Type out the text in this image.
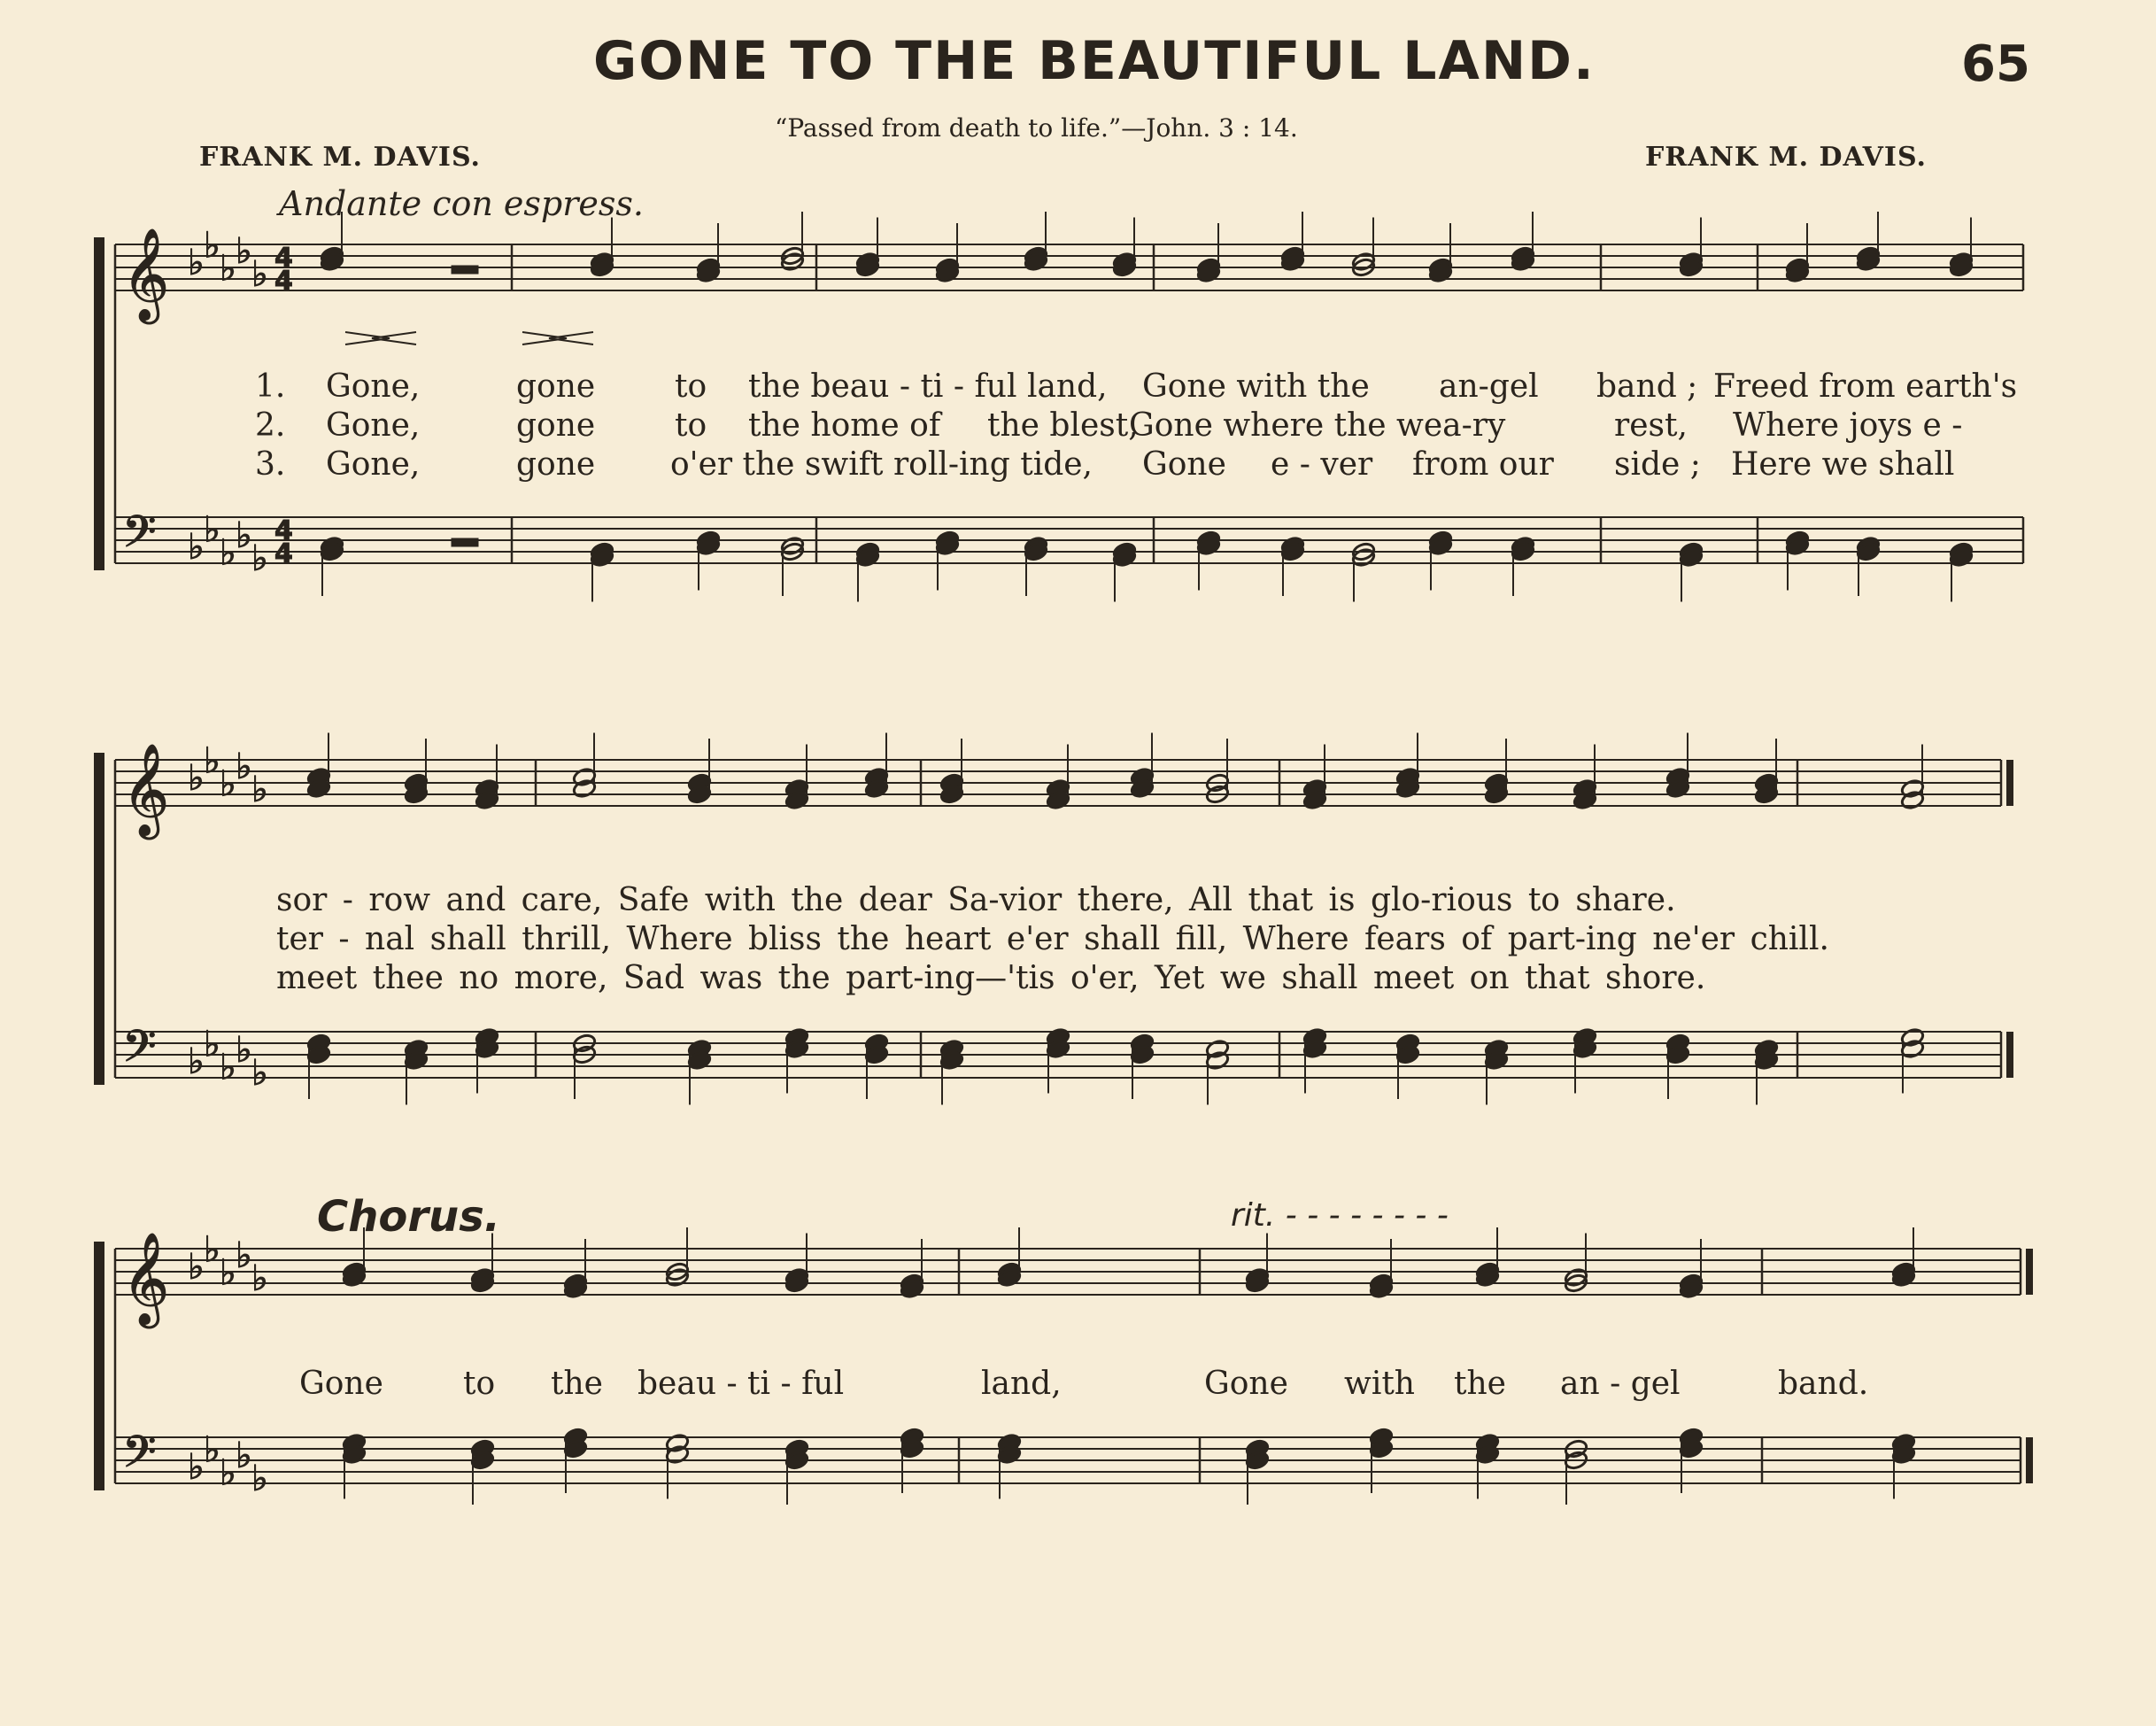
GONE TO THE BEAUTIFUL LAND.	65
“Passed from death to life.”—John. 3 : 14.
FRANK M. DAVIS.	FRANK M. DAVIS.
Andante con espress.
𝄞 ♭ ♭
♭ ♭
♭ 4
4
𝄢 ♭ ♭
♭ ♭
♭
4
4
𝄞 ♭ ♭
♭ ♭
♭
𝄢 ♭ ♭
♭ ♭
♭
𝄞 ♭ ♭
♭ ♭
♭
𝄢 ♭ ♭
♭ ♭
♭
1.
2.
3.
Gone,	gone to the beau - ti - ful land, Gone with the an-gel band ; Freed from earth's
Gone,	gone to the home of the blest,
Gone where the wea-ry	rest, Where joys e -
Gone,	gone o'er the swift roll-ing tide, Gone e - ver from our side ; Here we shall
sor - row and care, Safe with the dear Sa-vior there, All that is glo-rious to share.
ter - nal shall thrill, Where bliss the heart e'er shall fill, Where fears of part-ing ne'er chill.
meet thee no more, Sad was the part-ing—'tis o'er, Yet we shall meet on that shore.
Chorus.	rit. - - - - - - - -
Gone	to the beau - ti - ful	land,	Gone with the an - gel	band.
